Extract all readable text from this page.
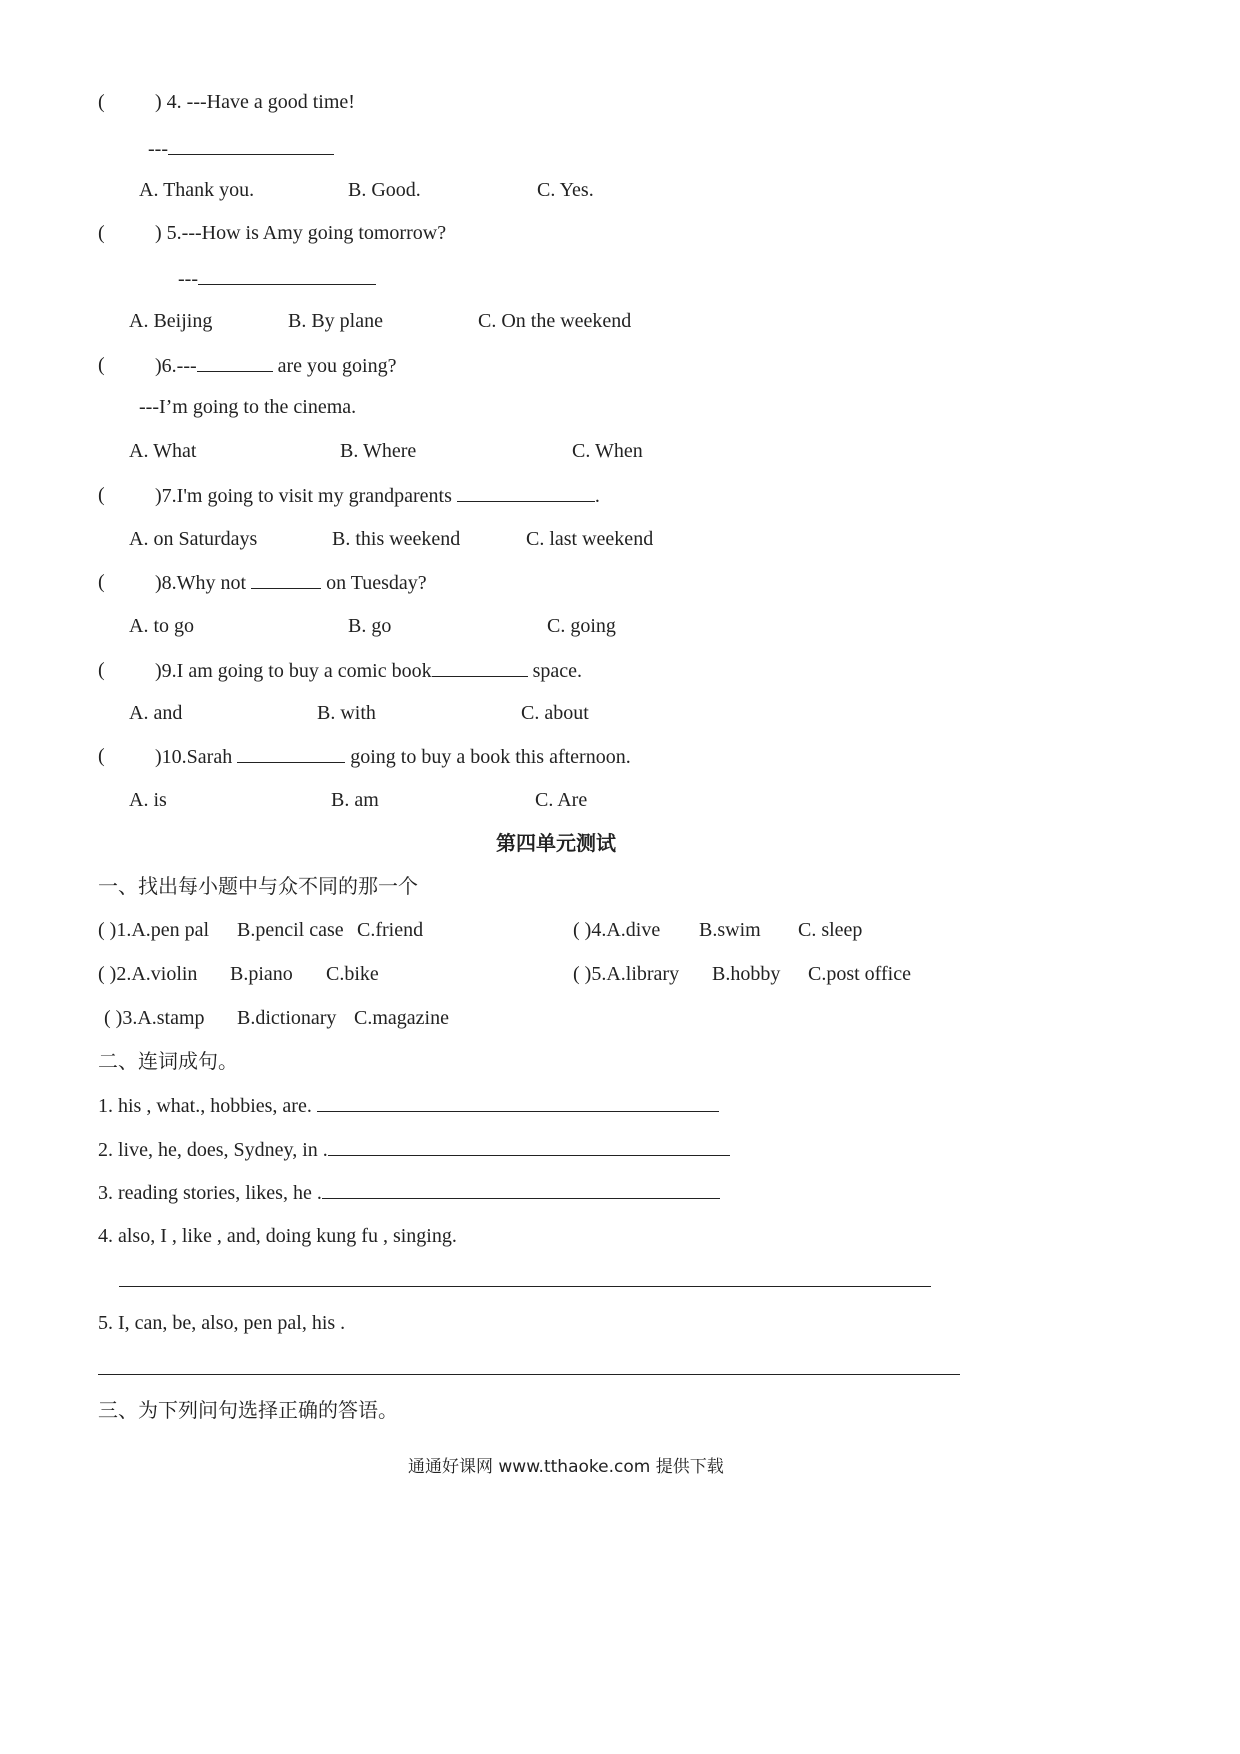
(	) 4. ---Have a good time!
---
A. Thank you.	B. Good.	C. Yes.
(	) 5.---How is Amy going tomorrow?
---
A. Beijing	B. By plane	C. On the weekend
(	)6.---	are you going?
---I’m going to the cinema.
A. What	B. Where	C. When
(	)7.I'm going to visit my grandparents	.
A. on Saturdays	B. this weekend	C. last weekend
(	)8.Why not	on Tuesday?
A. to go	B. go	C. going
(	)9.I am going to buy a comic book	space.
A. and	B. with	C. about
(	)10.Sarah	going to buy a book this afternoon.
A. is	B. am	C. Are
第四单元测试
一、找出每小题中与众不同的那一个
( )1.A.pen pal B.pencil case C.friend	( )4.A.dive B.swim C. sleep
( )2.A.violin B.piano C.bike	( )5.A.library B.hobby C.post office
( )3.A.stamp B.dictionary C.magazine
二、连词成句。
1. his , what., hobbies, are.
2. live, he, does, Sydney, in .
3. reading stories, likes, he .
4. also, I , like , and, doing kung fu , singing.
5. I, can, be, also, pen pal, his .
三、为下列问句选择正确的答语。
通通好课网 www.tthaoke.com 提供下载
